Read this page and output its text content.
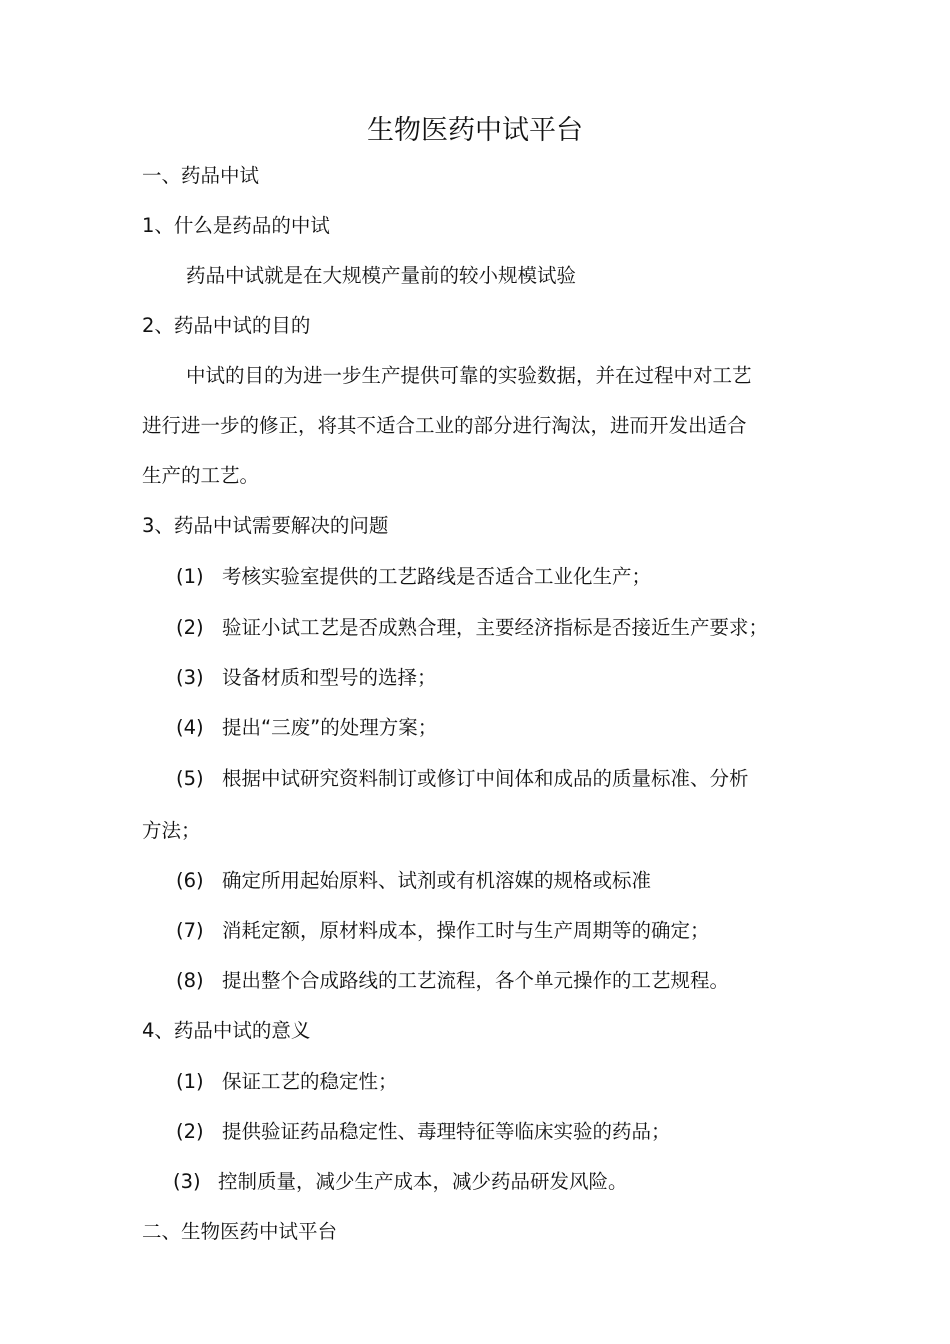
生物医药中试平台
一、药品中试
1、什么是药品的中试

药品中试就是在大规模产量前的较小规模试验

2、药品中试的目的

中试的目的为进一步生产提供可靠的实验数据，并在过程中对工艺

进行进一步的修正，将其不适合工业的部分进行淘汰，进而开发出适合

生产的工艺。

3、药品中试需要解决的问题
(1) 考核实验室提供的工艺路线是否适合工业化生产；
(2) 验证小试工艺是否成熟合理，主要经济指标是否接近生产要求；
(3) 设备材质和型号的选择；
(4) 提出“三废”的处理方案；
(5) 根据中试研究资料制订或修订中间体和成品的质量标准、分析

方法；

(6) 确定所用起始原料、试剂或有机溶媒的规格或标准
(7) 消耗定额，原材料成本，操作工时与生产周期等的确定；
(8) 提出整个合成路线的工艺流程，各个单元操作的工艺规程。
4、药品中试的意义
(1) 保证工艺的稳定性；
(2) 提供验证药品稳定性、毒理特征等临床实验的药品；
(3) 控制质量，减少生产成本，减少药品研发风险。
二、生物医药中试平台
